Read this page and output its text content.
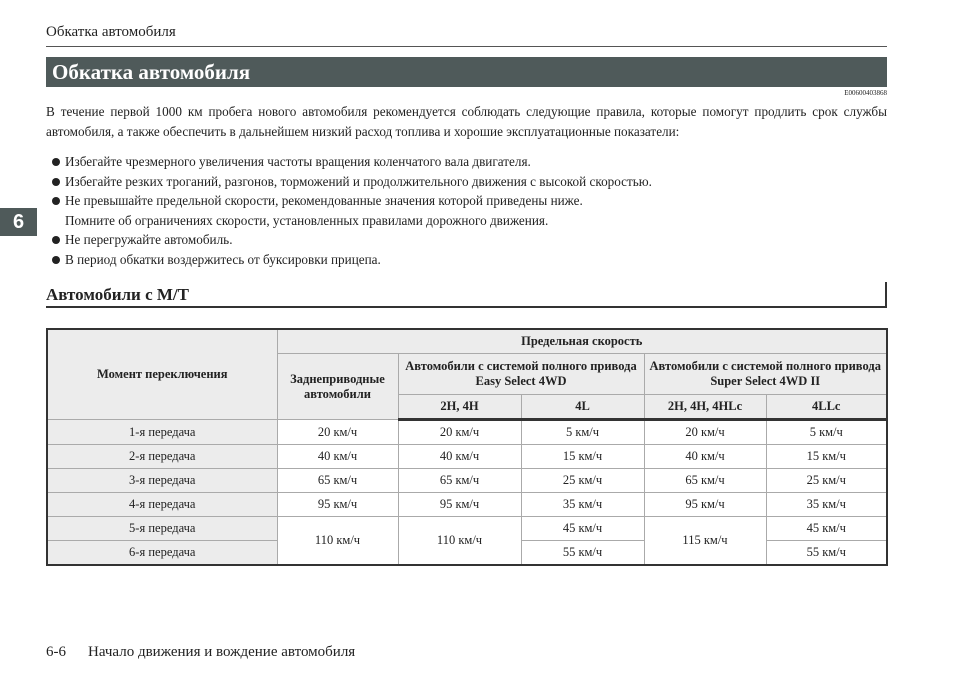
Обкатка автомобиля
Обкатка автомобиля
E00600403868
6
В течение первой 1000 км пробега нового автомобиля рекомендуется соблюдать следующие правила, которые помогут продлить срок службы автомобиля, а также обеспечить в дальнейшем низкий расход топлива и хорошие эксплуатационные показатели:
Избегайте чрезмерного увеличения частоты вращения коленчатого вала двигателя.
Избегайте резких троганий, разгонов, торможений и продолжительного движения с высокой скоростью.
Не превышайте предельной скорости, рекомендованные значения которой приведены ниже.
Помните об ограничениях скорости, установленных правилами дорожного движения.
Не перегружайте автомобиль.
В период обкатки воздержитесь от буксировки прицепа.
Автомобили с M/T
Момент переключения	Предельная скорость				
	Заднеприводные автомобили	Автомобили с системой полного привода Easy Select 4WD		Автомобили с системой полного привода Super Select 4WD II	
		2H, 4H	4L	2H, 4H, 4HLc	4LLc
1-я передача	20 км/ч	20 км/ч	5 км/ч	20 км/ч	5 км/ч
2-я передача	40 км/ч	40 км/ч	15 км/ч	40 км/ч	15 км/ч
3-я передача	65 км/ч	65 км/ч	25 км/ч	65 км/ч	25 км/ч
4-я передача	95 км/ч	95 км/ч	35 км/ч	95 км/ч	35 км/ч
5-я передача	110 км/ч	110 км/ч	45 км/ч	115 км/ч	45 км/ч
6-я передача			55 км/ч		55 км/ч
6-6 Начало движения и вождение автомобиля
